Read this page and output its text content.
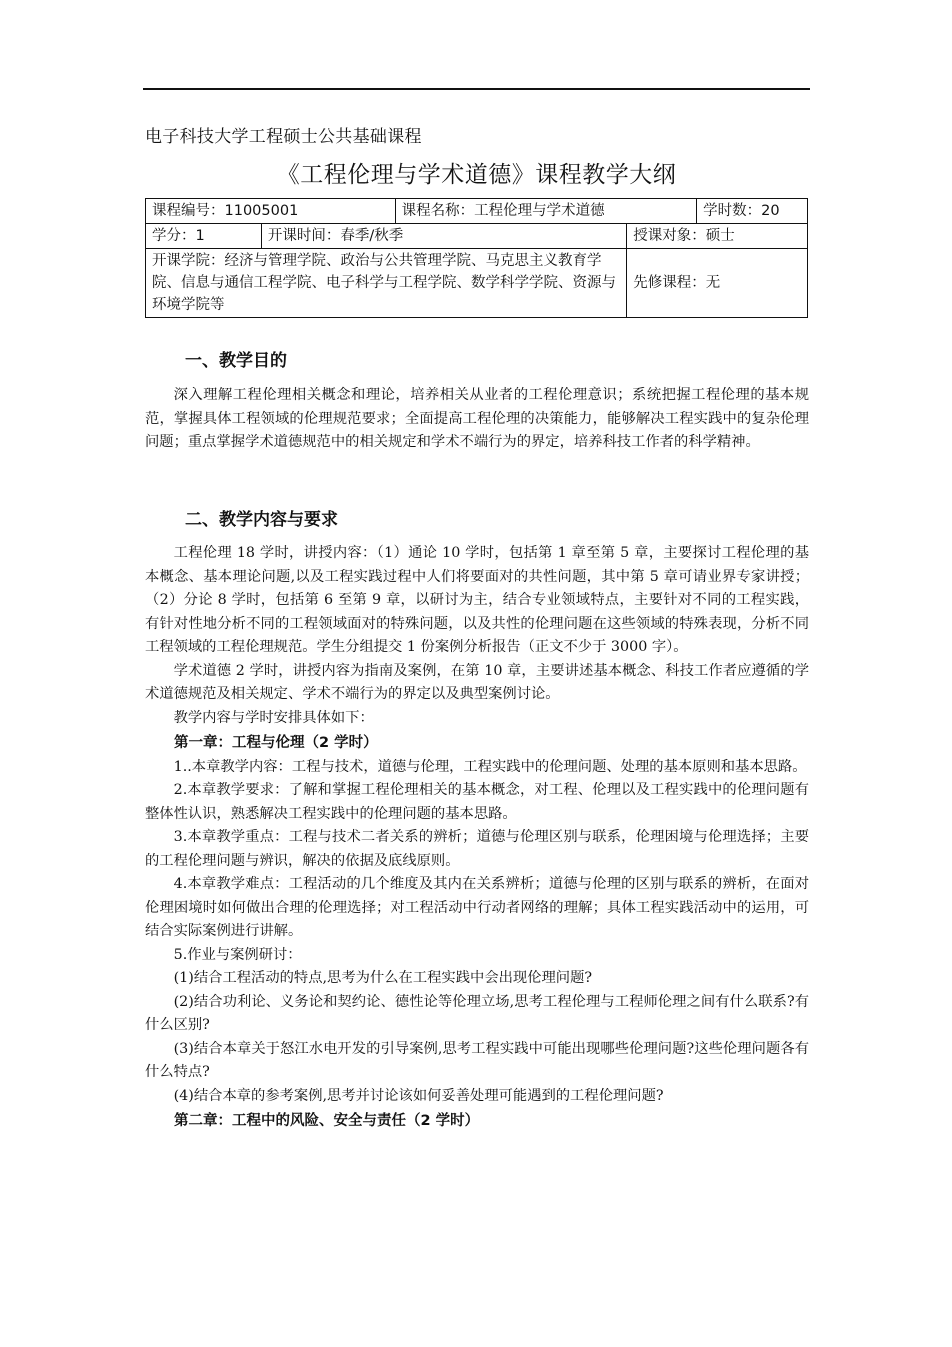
电子科技大学工程硕士公共基础课程
《工程伦理与学术道德》课程教学大纲
课程编号：11005001		课程名称：工程伦理与学术道德		学时数：20
学分：1	开课时间：春季/秋季		授课对象：硕士	
开课学院：经济与管理学院、政治与公共管理学院、马克思主义教育学院、信息与通信工程学院、电子科学与工程学院、数学科学学院、资源与环境学院等			先修课程：无	
一、教学目的

深入理解工程伦理相关概念和理论，培养相关从业者的工程伦理意识；系统把握工程伦理的基本规范，掌握具体工程领域的伦理规范要求；全面提高工程伦理的决策能力，能够解决工程实践中的复杂伦理问题；重点掌握学术道德规范中的相关规定和学术不端行为的界定，培养科技工作者的科学精神。

二、教学内容与要求

工程伦理 18 学时，讲授内容：（1）通论 10 学时，包括第 1 章至第 5 章，主要探讨工程伦理的基本概念、基本理论问题,以及工程实践过程中人们将要面对的共性问题，其中第 5 章可请业界专家讲授；（2）分论 8 学时，包括第 6 至第 9 章，以研讨为主，结合专业领域特点，主要针对不同的工程实践，有针对性地分析不同的工程领域面对的特殊问题，以及共性的伦理问题在这些领域的特殊表现，分析不同工程领域的工程伦理规范。学生分组提交 1 份案例分析报告（正文不少于 3000 字）。

学术道德 2 学时，讲授内容为指南及案例，在第 10 章，主要讲述基本概念、科技工作者应遵循的学术道德规范及相关规定、学术不端行为的界定以及典型案例讨论。

教学内容与学时安排具体如下：

第一章：工程与伦理（2 学时）

1..本章教学内容：工程与技术，道德与伦理，工程实践中的伦理问题、处理的基本原则和基本思路。

2.本章教学要求：了解和掌握工程伦理相关的基本概念，对工程、伦理以及工程实践中的伦理问题有整体性认识，熟悉解决工程实践中的伦理问题的基本思路。

3.本章教学重点：工程与技术二者关系的辨析；道德与伦理区别与联系，伦理困境与伦理选择；主要的工程伦理问题与辨识，解决的依据及底线原则。

4.本章教学难点：工程活动的几个维度及其内在关系辨析；道德与伦理的区别与联系的辨析，在面对伦理困境时如何做出合理的伦理选择；对工程活动中行动者网络的理解；具体工程实践活动中的运用，可结合实际案例进行讲解。

5.作业与案例研讨：

(1)结合工程活动的特点,思考为什么在工程实践中会出现伦理问题?

(2)结合功利论、义务论和契约论、德性论等伦理立场,思考工程伦理与工程师伦理之间有什么联系?有什么区别?

(3)结合本章关于怒江水电开发的引导案例,思考工程实践中可能出现哪些伦理问题?这些伦理问题各有什么特点?

(4)结合本章的参考案例,思考并讨论该如何妥善处理可能遇到的工程伦理问题?

第二章：工程中的风险、安全与责任（2 学时）
